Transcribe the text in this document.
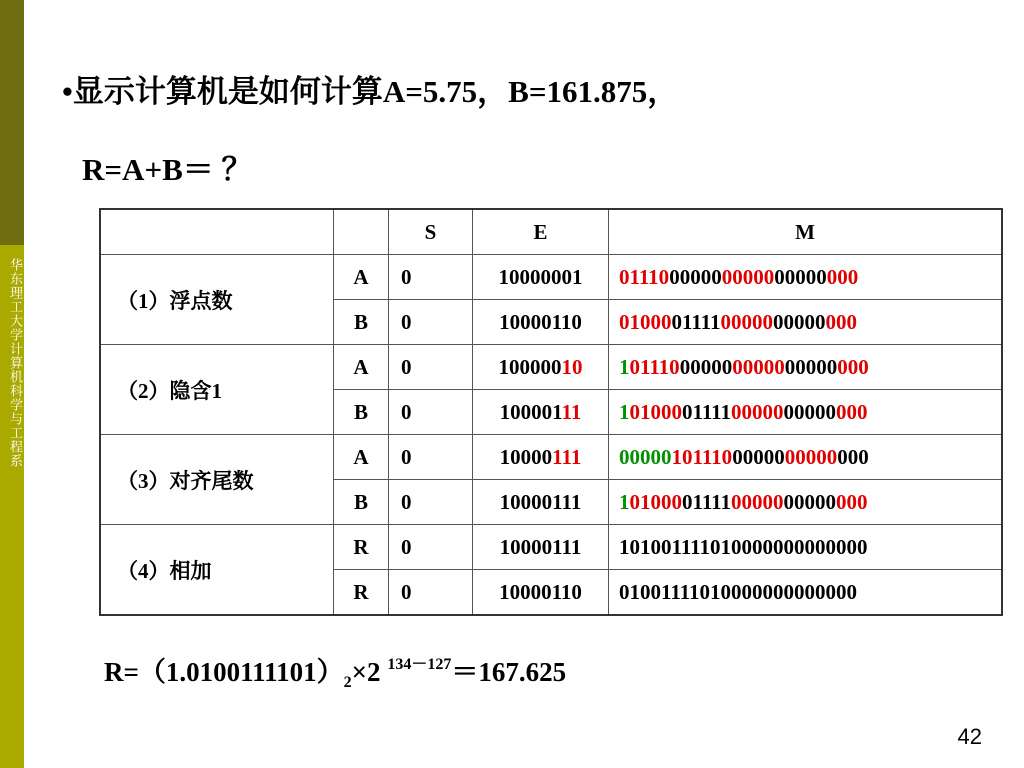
华东理工大学计算机科学与工程系
•显示计算机是如何计算A=5.75，B=161.875，
R=A+B＝ ？
		S	E	M
（1）浮点数	A	0	10000001	01110000000000000000000
	B	0	10000110	01000011110000000000000
（2）隐含1	A	0	10000010	101110000000000000000000
	B	0	10000111	101000011110000000000000
（3）对齐尾数	A	0	10000111	000001011100000000000000
	B	0	10000111	101000011110000000000000
（4）相加	R	0	10000111	101001111010000000000000
	R	0	10000110	01001111010000000000000
$R=(1.0100111101)_2\times 2$ $^{134-127}$＝167.625
42
